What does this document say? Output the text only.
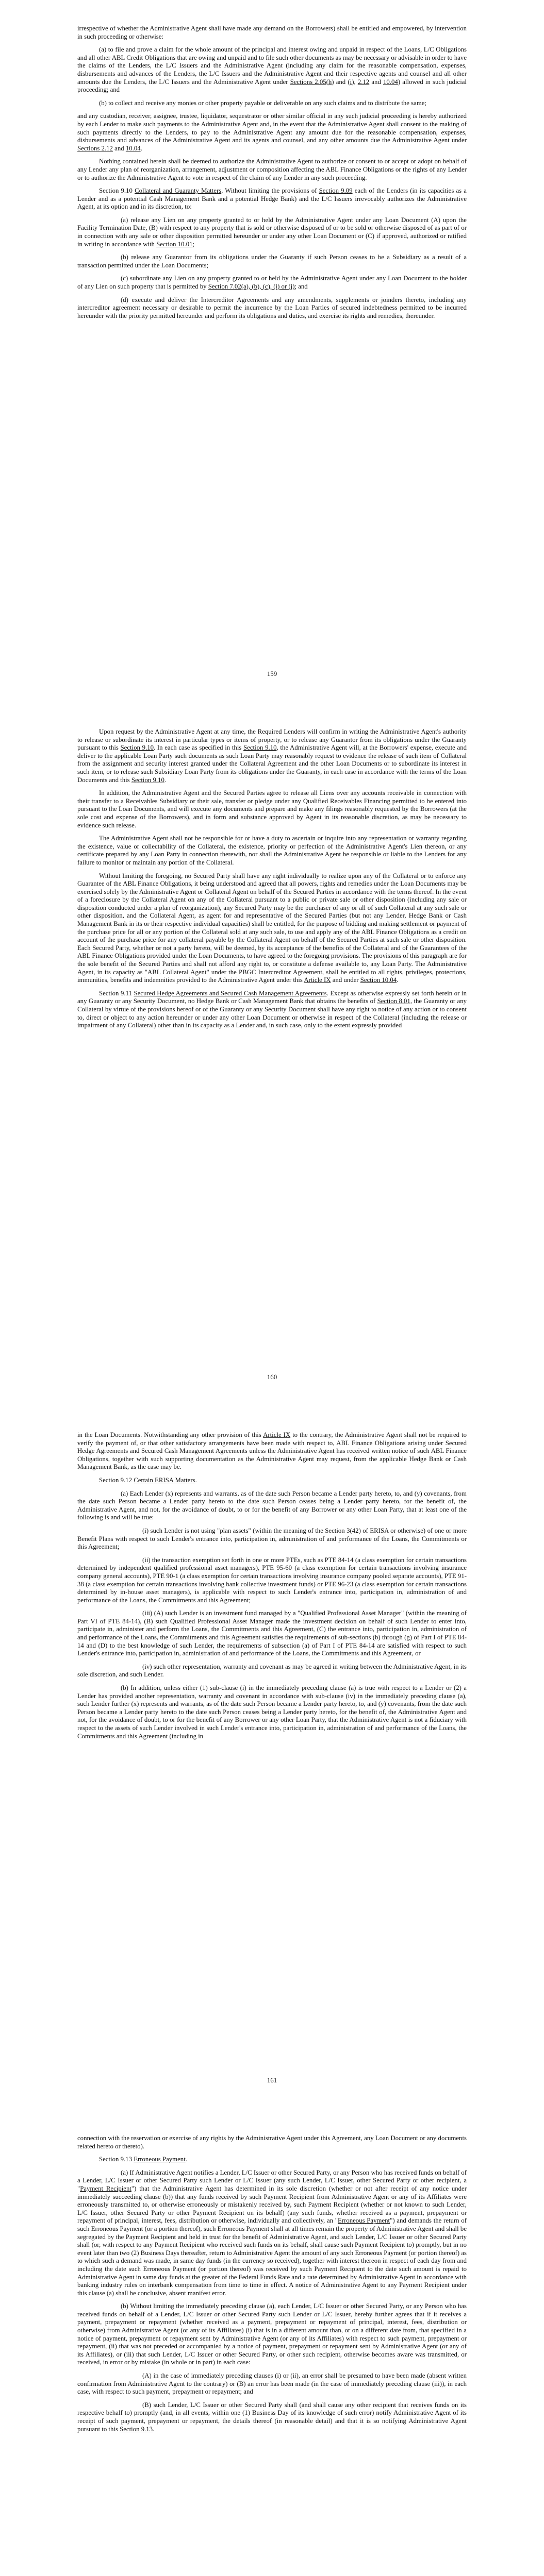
irrespective of whether the Administrative Agent shall have made any demand on the Borrowers) shall be entitled and empowered, by intervention in such proceeding or otherwise:

(a) to file and prove a claim for the whole amount of the principal and interest owing and unpaid in respect of the Loans, L/C Obligations and all other ABL Credit Obligations that are owing and unpaid and to file such other documents as may be necessary or advisable in order to have the claims of the Lenders, the L/C Issuers and the Administrative Agent (including any claim for the reasonable compensation, expenses, disbursements and advances of the Lenders, the L/C Issuers and the Administrative Agent and their respective agents and counsel and all other amounts due the Lenders, the L/C Issuers and the Administrative Agent under Sections 2.05(h) and (i), 2.12 and 10.04) allowed in such judicial proceeding; and

(b) to collect and receive any monies or other property payable or deliverable on any such claims and to distribute the same;

and any custodian, receiver, assignee, trustee, liquidator, sequestrator or other similar official in any such judicial proceeding is hereby authorized by each Lender to make such payments to the Administrative Agent and, in the event that the Administrative Agent shall consent to the making of such payments directly to the Lenders, to pay to the Administrative Agent any amount due for the reasonable compensation, expenses, disbursements and advances of the Administrative Agent and its agents and counsel, and any other amounts due the Administrative Agent under Sections 2.12 and 10.04.

Nothing contained herein shall be deemed to authorize the Administrative Agent to authorize or consent to or accept or adopt on behalf of any Lender any plan of reorganization, arrangement, adjustment or composition affecting the ABL Finance Obligations or the rights of any Lender or to authorize the Administrative Agent to vote in respect of the claim of any Lender in any such proceeding.

Section 9.10 Collateral and Guaranty Matters. Without limiting the provisions of Section 9.09 each of the Lenders (in its capacities as a Lender and as a potential Cash Management Bank and a potential Hedge Bank) and the L/C Issuers irrevocably authorizes the Administrative Agent, at its option and in its discretion, to:

(a) release any Lien on any property granted to or held by the Administrative Agent under any Loan Document (A) upon the Facility Termination Date, (B) with respect to any property that is sold or otherwise disposed of or to be sold or otherwise disposed of as part of or in connection with any sale or other disposition permitted hereunder or under any other Loan Document or (C) if approved, authorized or ratified in writing in accordance with Section 10.01;

(b) release any Guarantor from its obligations under the Guaranty if such Person ceases to be a Subsidiary as a result of a transaction permitted under the Loan Documents;

(c) subordinate any Lien on any property granted to or held by the Administrative Agent under any Loan Document to the holder of any Lien on such property that is permitted by Section 7.02(a), (b), (c), (i) or (j); and

(d) execute and deliver the Intercreditor Agreements and any amendments, supplements or joinders thereto, including any intercreditor agreement necessary or desirable to permit the incurrence by the Loan Parties of secured indebtedness permitted to be incurred hereunder with the priority permitted hereunder and perform its obligations and duties, and exercise its rights and remedies, thereunder.

159

Upon request by the Administrative Agent at any time, the Required Lenders will confirm in writing the Administrative Agent's authority to release or subordinate its interest in particular types or items of property, or to release any Guarantor from its obligations under the Guaranty pursuant to this Section 9.10. In each case as specified in this Section 9.10, the Administrative Agent will, at the Borrowers' expense, execute and deliver to the applicable Loan Party such documents as such Loan Party may reasonably request to evidence the release of such item of Collateral from the assignment and security interest granted under the Collateral Agreement and the other Loan Documents or to subordinate its interest in such item, or to release such Subsidiary Loan Party from its obligations under the Guaranty, in each case in accordance with the terms of the Loan Documents and this Section 9.10.

In addition, the Administrative Agent and the Secured Parties agree to release all Liens over any accounts receivable in connection with their transfer to a Receivables Subsidiary or their sale, transfer or pledge under any Qualified Receivables Financing permitted to be entered into pursuant to the Loan Documents, and will execute any documents and prepare and make any filings reasonably requested by the Borrowers (at the sole cost and expense of the Borrowers), and in form and substance approved by Agent in its reasonable discretion, as may be necessary to evidence such release.

The Administrative Agent shall not be responsible for or have a duty to ascertain or inquire into any representation or warranty regarding the existence, value or collectability of the Collateral, the existence, priority or perfection of the Administrative Agent's Lien thereon, or any certificate prepared by any Loan Party in connection therewith, nor shall the Administrative Agent be responsible or liable to the Lenders for any failure to monitor or maintain any portion of the Collateral.

Without limiting the foregoing, no Secured Party shall have any right individually to realize upon any of the Collateral or to enforce any Guarantee of the ABL Finance Obligations, it being understood and agreed that all powers, rights and remedies under the Loan Documents may be exercised solely by the Administrative Agent or Collateral Agent on behalf of the Secured Parties in accordance with the terms thereof. In the event of a foreclosure by the Collateral Agent on any of the Collateral pursuant to a public or private sale or other disposition (including any sale or disposition conducted under a plan of reorganization), any Secured Party may be the purchaser of any or all of such Collateral at any such sale or other disposition, and the Collateral Agent, as agent for and representative of the Secured Parties (but not any Lender, Hedge Bank or Cash Management Bank in its or their respective individual capacities) shall be entitled, for the purpose of bidding and making settlement or payment of the purchase price for all or any portion of the Collateral sold at any such sale, to use and apply any of the ABL Finance Obligations as a credit on account of the purchase price for any collateral payable by the Collateral Agent on behalf of the Secured Parties at such sale or other disposition. Each Secured Party, whether or not a party hereto, will be deemed, by its acceptance of the benefits of the Collateral and of the Guarantees of the ABL Finance Obligations provided under the Loan Documents, to have agreed to the foregoing provisions. The provisions of this paragraph are for the sole benefit of the Secured Parties and shall not afford any right to, or constitute a defense available to, any Loan Party. The Administrative Agent, in its capacity as "ABL Collateral Agent" under the PBGC Intercreditor Agreement, shall be entitled to all rights, privileges, protections, immunities, benefits and indemnities provided to the Administrative Agent under this Article IX and under Section 10.04.

Section 9.11 Secured Hedge Agreements and Secured Cash Management Agreements. Except as otherwise expressly set forth herein or in any Guaranty or any Security Document, no Hedge Bank or Cash Management Bank that obtains the benefits of Section 8.01, the Guaranty or any Collateral by virtue of the provisions hereof or of the Guaranty or any Security Document shall have any right to notice of any action or to consent to, direct or object to any action hereunder or under any other Loan Document or otherwise in respect of the Collateral (including the release or impairment of any Collateral) other than in its capacity as a Lender and, in such case, only to the extent expressly provided

160

in the Loan Documents. Notwithstanding any other provision of this Article IX to the contrary, the Administrative Agent shall not be required to verify the payment of, or that other satisfactory arrangements have been made with respect to, ABL Finance Obligations arising under Secured Hedge Agreements and Secured Cash Management Agreements unless the Administrative Agent has received written notice of such ABL Finance Obligations, together with such supporting documentation as the Administrative Agent may request, from the applicable Hedge Bank or Cash Management Bank, as the case may be.

Section 9.12 Certain ERISA Matters.

(a) Each Lender (x) represents and warrants, as of the date such Person became a Lender party hereto, to, and (y) covenants, from the date such Person became a Lender party hereto to the date such Person ceases being a Lender party hereto, for the benefit of, the Administrative Agent, and not, for the avoidance of doubt, to or for the benefit of any Borrower or any other Loan Party, that at least one of the following is and will be true:

(i) such Lender is not using "plan assets" (within the meaning of the Section 3(42) of ERISA or otherwise) of one or more Benefit Plans with respect to such Lender's entrance into, participation in, administration of and performance of the Loans, the Commitments or this Agreement;

(ii) the transaction exemption set forth in one or more PTEs, such as PTE 84-14 (a class exemption for certain transactions determined by independent qualified professional asset managers), PTE 95-60 (a class exemption for certain transactions involving insurance company general accounts), PTE 90-1 (a class exemption for certain transactions involving insurance company pooled separate accounts), PTE 91-38 (a class exemption for certain transactions involving bank collective investment funds) or PTE 96-23 (a class exemption for certain transactions determined by in-house asset managers), is applicable with respect to such Lender's entrance into, participation in, administration of and performance of the Loans, the Commitments and this Agreement;

(iii) (A) such Lender is an investment fund managed by a "Qualified Professional Asset Manager" (within the meaning of Part VI of PTE 84-14), (B) such Qualified Professional Asset Manager made the investment decision on behalf of such Lender to enter into, participate in, administer and perform the Loans, the Commitments and this Agreement, (C) the entrance into, participation in, administration of and performance of the Loans, the Commitments and this Agreement satisfies the requirements of sub-sections (b) through (g) of Part I of PTE 84-14 and (D) to the best knowledge of such Lender, the requirements of subsection (a) of Part I of PTE 84-14 are satisfied with respect to such Lender's entrance into, participation in, administration of and performance of the Loans, the Commitments and this Agreement, or

(iv) such other representation, warranty and covenant as may be agreed in writing between the Administrative Agent, in its sole discretion, and such Lender.

(b) In addition, unless either (1) sub-clause (i) in the immediately preceding clause (a) is true with respect to a Lender or (2) a Lender has provided another representation, warranty and covenant in accordance with sub-clause (iv) in the immediately preceding clause (a), such Lender further (x) represents and warrants, as of the date such Person became a Lender party hereto, to, and (y) covenants, from the date such Person became a Lender party hereto to the date such Person ceases being a Lender party hereto, for the benefit of, the Administrative Agent and not, for the avoidance of doubt, to or for the benefit of any Borrower or any other Loan Party, that the Administrative Agent is not a fiduciary with respect to the assets of such Lender involved in such Lender's entrance into, participation in, administration of and performance of the Loans, the Commitments and this Agreement (including in

161

connection with the reservation or exercise of any rights by the Administrative Agent under this Agreement, any Loan Document or any documents related hereto or thereto).

Section 9.13 Erroneous Payment.

(a) If Administrative Agent notifies a Lender, L/C Issuer or other Secured Party, or any Person who has received funds on behalf of a Lender, L/C Issuer or other Secured Party such Lender or L/C Issuer (any such Lender, L/C Issuer, other Secured Party or other recipient, a "Payment Recipient") that the Administrative Agent has determined in its sole discretion (whether or not after receipt of any notice under immediately succeeding clause (b)) that any funds received by such Payment Recipient from Administrative Agent or any of its Affiliates were erroneously transmitted to, or otherwise erroneously or mistakenly received by, such Payment Recipient (whether or not known to such Lender, L/C Issuer, other Secured Party or other Payment Recipient on its behalf) (any such funds, whether received as a payment, prepayment or repayment of principal, interest, fees, distribution or otherwise, individually and collectively, an "Erroneous Payment") and demands the return of such Erroneous Payment (or a portion thereof), such Erroneous Payment shall at all times remain the property of Administrative Agent and shall be segregated by the Payment Recipient and held in trust for the benefit of Administrative Agent, and such Lender, L/C Issuer or other Secured Party shall (or, with respect to any Payment Recipient who received such funds on its behalf, shall cause such Payment Recipient to) promptly, but in no event later than two (2) Business Days thereafter, return to Administrative Agent the amount of any such Erroneous Payment (or portion thereof) as to which such a demand was made, in same day funds (in the currency so received), together with interest thereon in respect of each day from and including the date such Erroneous Payment (or portion thereof) was received by such Payment Recipient to the date such amount is repaid to Administrative Agent in same day funds at the greater of the Federal Funds Rate and a rate determined by Administrative Agent in accordance with banking industry rules on interbank compensation from time to time in effect. A notice of Administrative Agent to any Payment Recipient under this clause (a) shall be conclusive, absent manifest error.

(b) Without limiting the immediately preceding clause (a), each Lender, L/C Issuer or other Secured Party, or any Person who has received funds on behalf of a Lender, L/C Issuer or other Secured Party such Lender or L/C Issuer, hereby further agrees that if it receives a payment, prepayment or repayment (whether received as a payment, prepayment or repayment of principal, interest, fees, distribution or otherwise) from Administrative Agent (or any of its Affiliates) (i) that is in a different amount than, or on a different date from, that specified in a notice of payment, prepayment or repayment sent by Administrative Agent (or any of its Affiliates) with respect to such payment, prepayment or repayment, (ii) that was not preceded or accompanied by a notice of payment, prepayment or repayment sent by Administrative Agent (or any of its Affiliates), or (iii) that such Lender, L/C Issuer or other Secured Party, or other such recipient, otherwise becomes aware was transmitted, or received, in error or by mistake (in whole or in part) in each case:

(A) in the case of immediately preceding clauses (i) or (ii), an error shall be presumed to have been made (absent written confirmation from Administrative Agent to the contrary) or (B) an error has been made (in the case of immediately preceding clause (iii)), in each case, with respect to such payment, prepayment or repayment; and

(B) such Lender, L/C Issuer or other Secured Party shall (and shall cause any other recipient that receives funds on its respective behalf to) promptly (and, in all events, within one (1) Business Day of its knowledge of such error) notify Administrative Agent of its receipt of such payment, prepayment or repayment, the details thereof (in reasonable detail) and that it is so notifying Administrative Agent pursuant to this Section 9.13.
